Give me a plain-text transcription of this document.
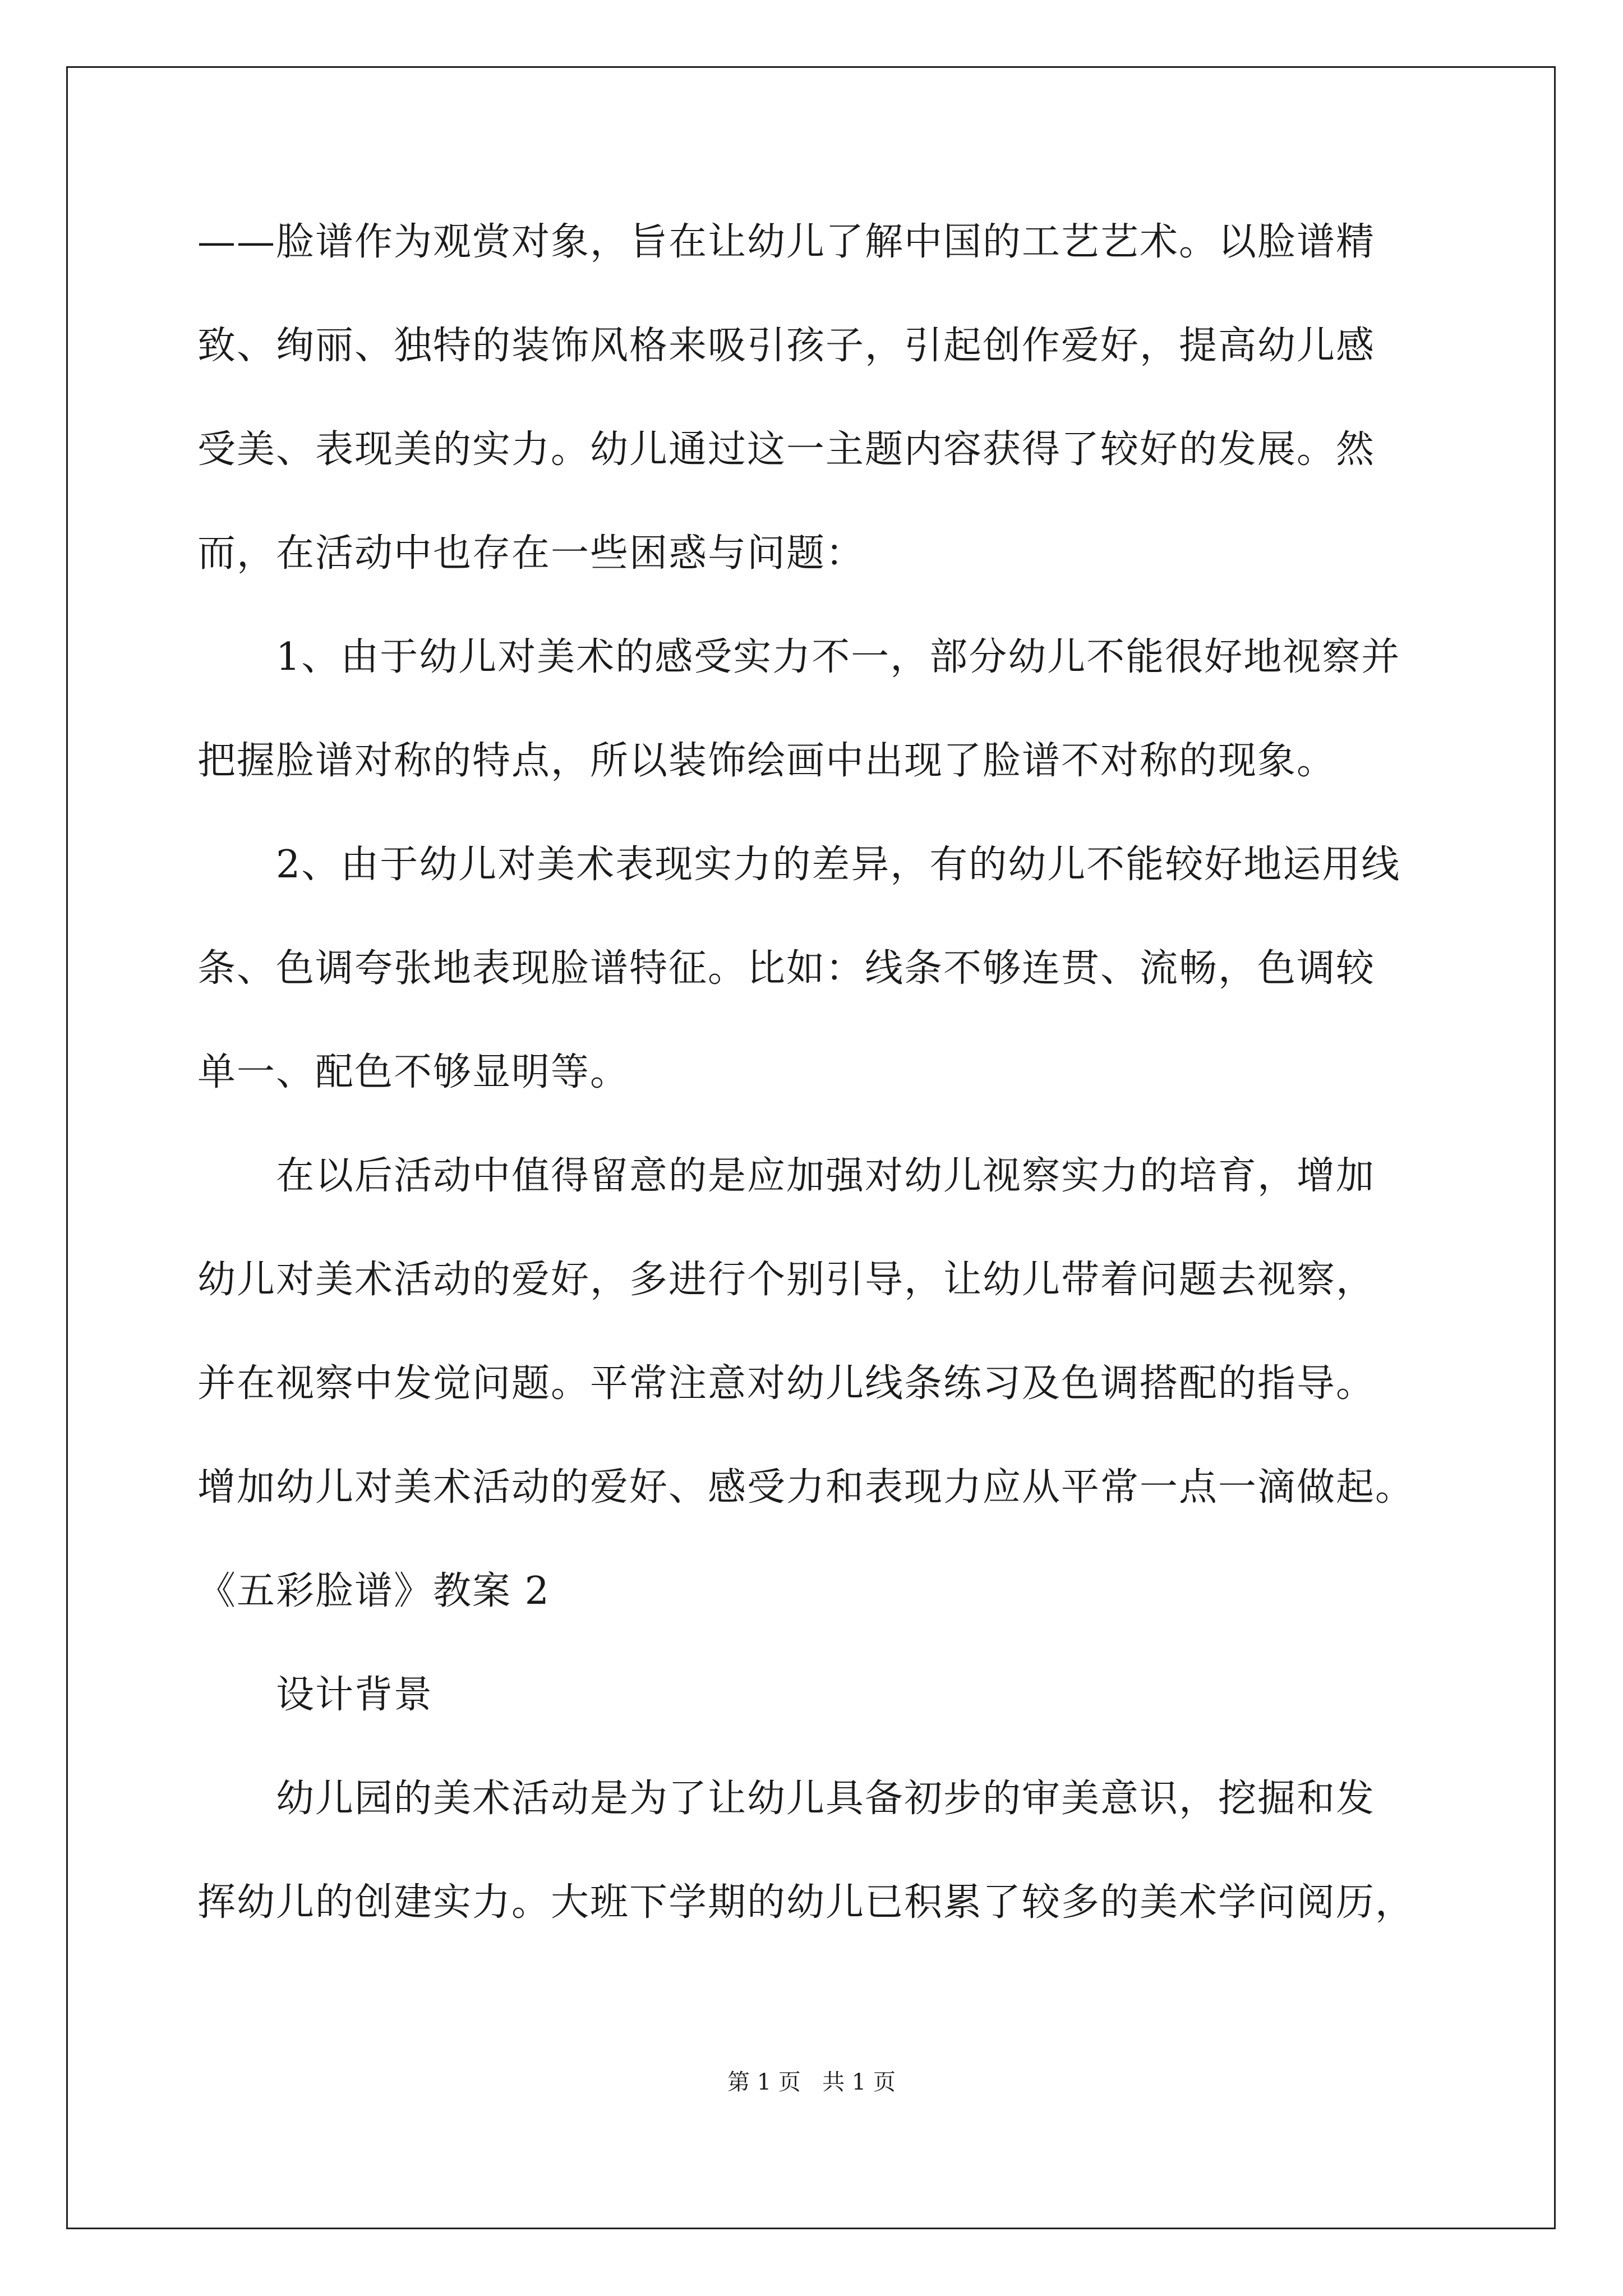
——脸谱作为观赏对象，旨在让幼儿了解中国的工艺艺术。以脸谱精
致、绚丽、独特的装饰风格来吸引孩子，引起创作爱好，提高幼儿感
受美、表现美的实力。幼儿通过这一主题内容获得了较好的发展。然
而，在活动中也存在一些困惑与问题：
1、由于幼儿对美术的感受实力不一，部分幼儿不能很好地视察并
把握脸谱对称的特点，所以装饰绘画中出现了脸谱不对称的现象。
2、由于幼儿对美术表现实力的差异，有的幼儿不能较好地运用线
条、色调夸张地表现脸谱特征。比如：线条不够连贯、流畅，色调较
单一、配色不够显明等。
在以后活动中值得留意的是应加强对幼儿视察实力的培育，增加
幼儿对美术活动的爱好，多进行个别引导，让幼儿带着问题去视察，
并在视察中发觉问题。平常注意对幼儿线条练习及色调搭配的指导。
增加幼儿对美术活动的爱好、感受力和表现力应从平常一点一滴做起。
《五彩脸谱》教案 2
设计背景
幼儿园的美术活动是为了让幼儿具备初步的审美意识，挖掘和发
挥幼儿的创建实力。大班下学期的幼儿已积累了较多的美术学问阅历，
第 1 页   共 1 页
